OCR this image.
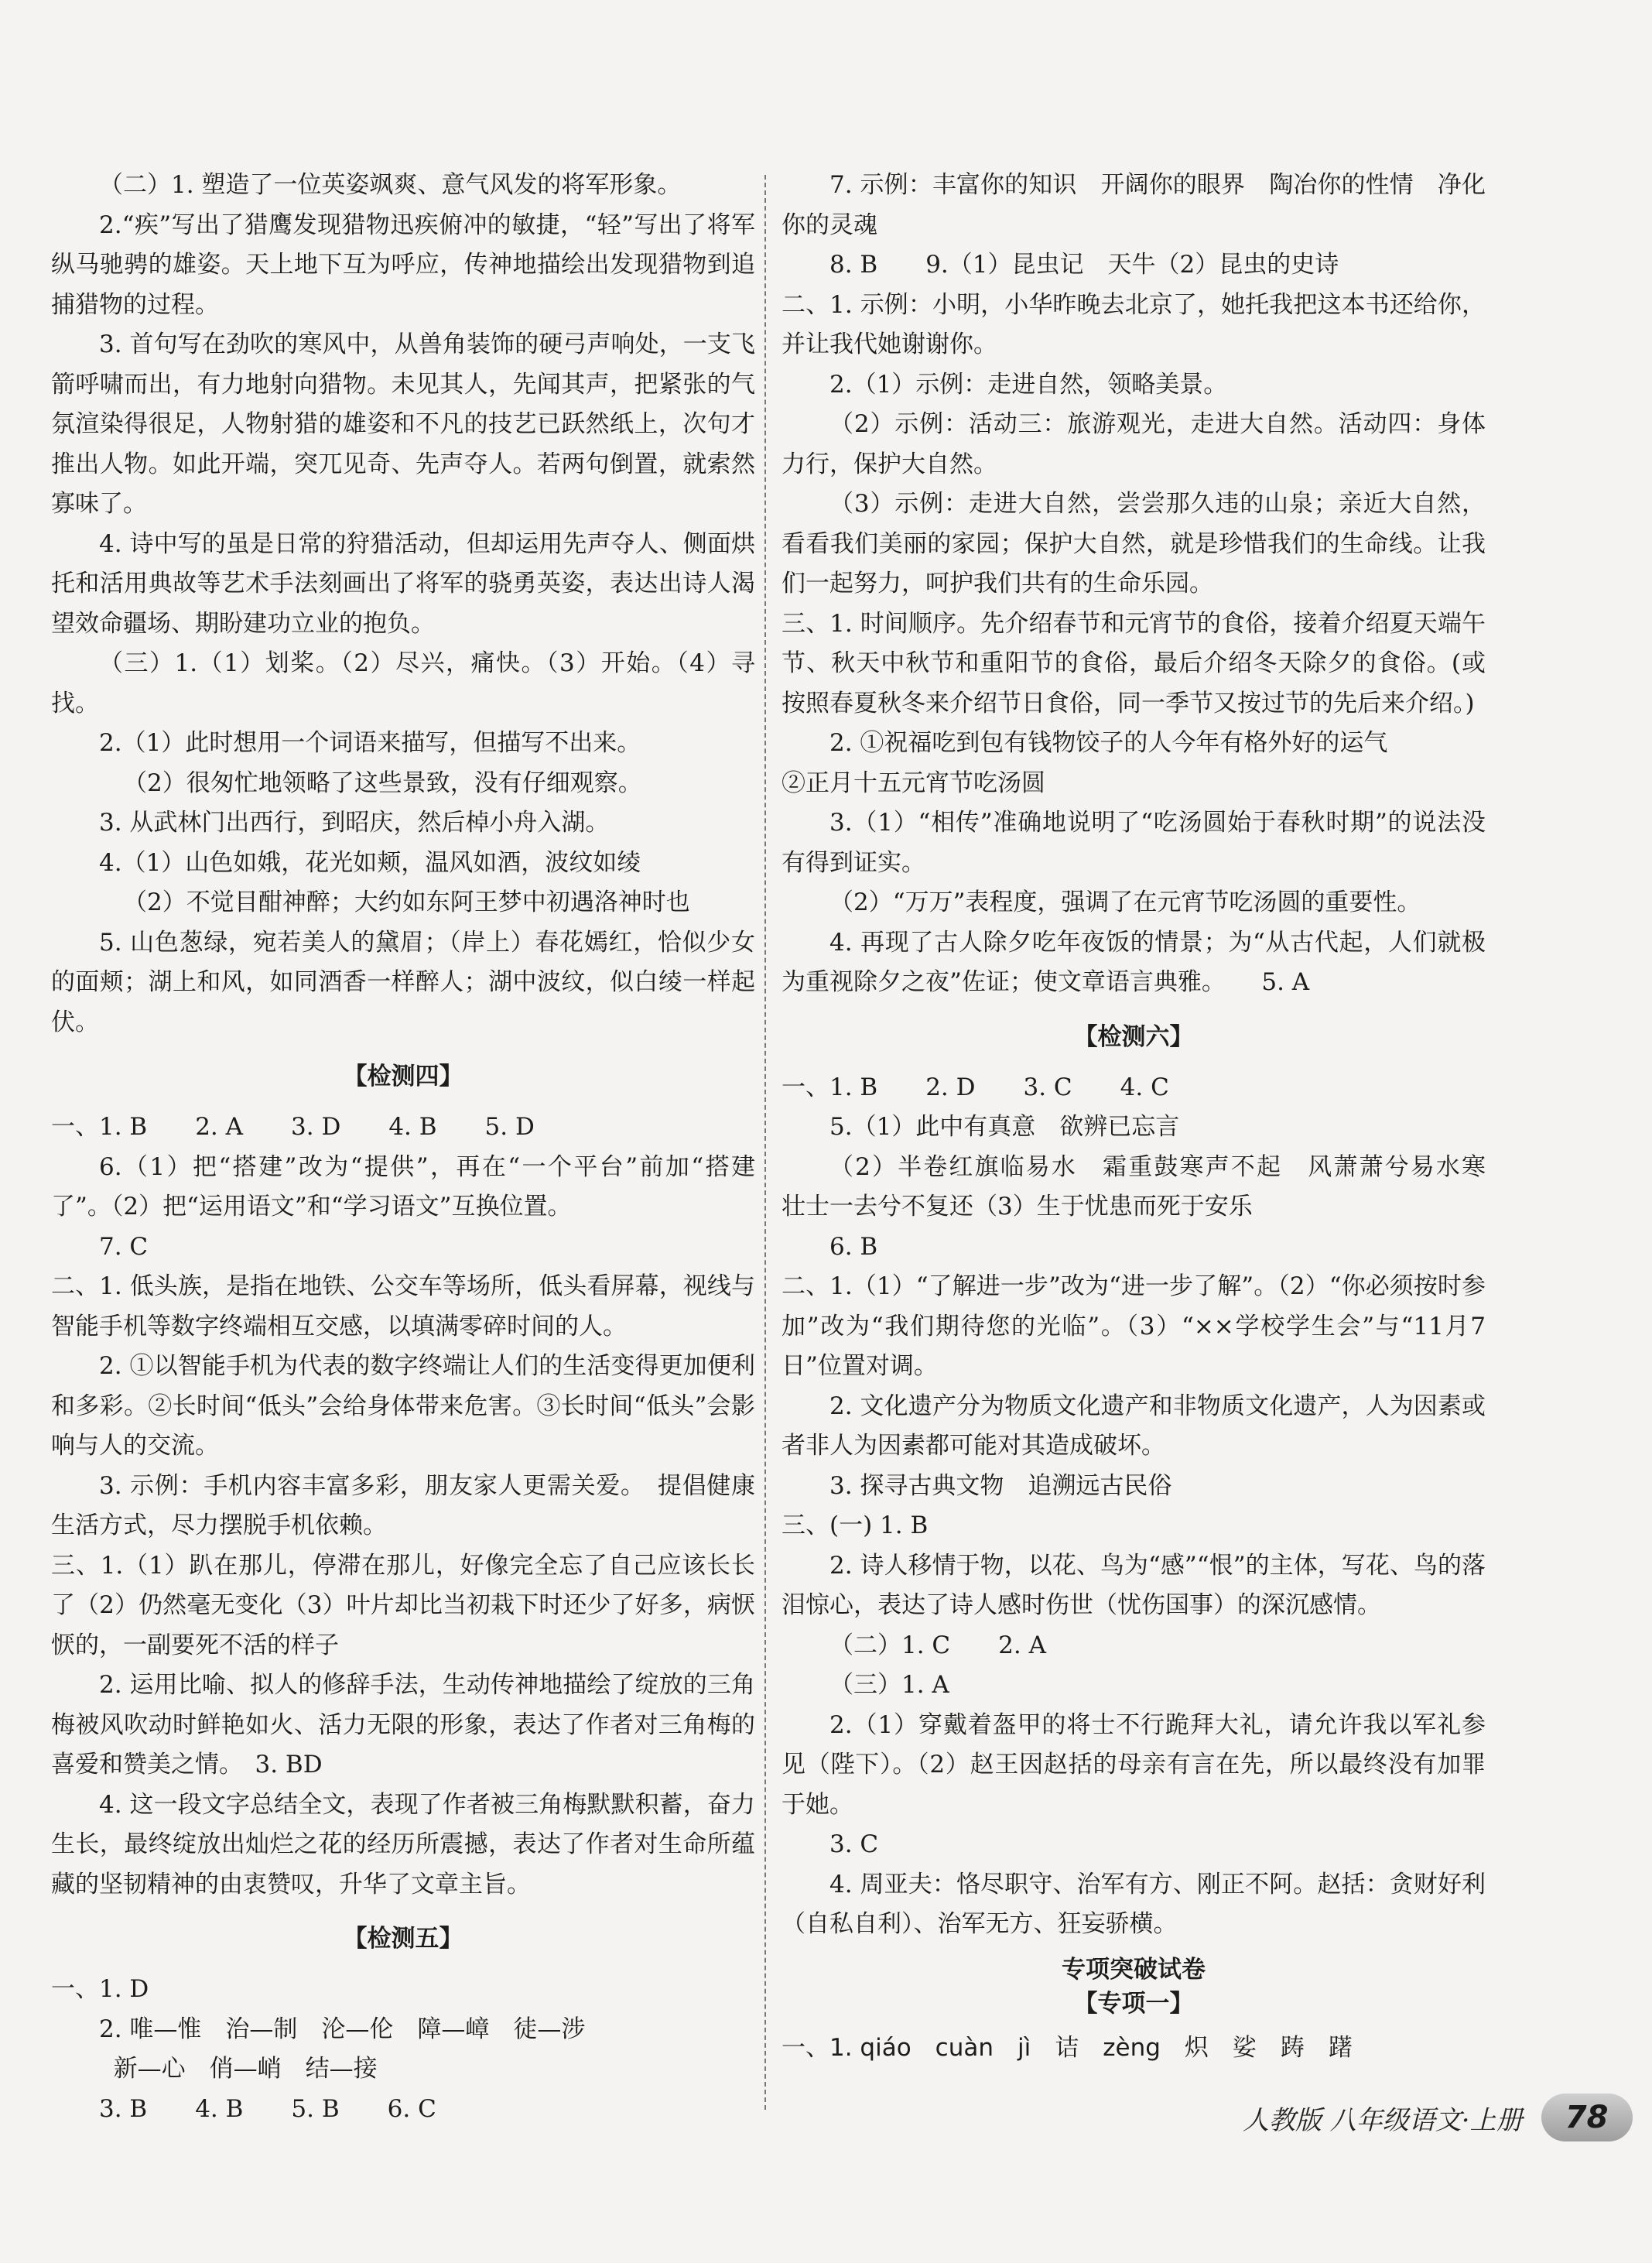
（二）1. 塑造了一位英姿飒爽、意气风发的将军形象。

2.“疾”写出了猎鹰发现猎物迅疾俯冲的敏捷，“轻”写出了将军纵马驰骋的雄姿。天上地下互为呼应，传神地描绘出发现猎物到追捕猎物的过程。

3. 首句写在劲吹的寒风中，从兽角装饰的硬弓声响处，一支飞箭呼啸而出，有力地射向猎物。未见其人，先闻其声，把紧张的气氛渲染得很足，人物射猎的雄姿和不凡的技艺已跃然纸上，次句才推出人物。如此开端，突兀见奇、先声夺人。若两句倒置，就索然寡味了。

4. 诗中写的虽是日常的狩猎活动，但却运用先声夺人、侧面烘托和活用典故等艺术手法刻画出了将军的骁勇英姿，表达出诗人渴望效命疆场、期盼建功立业的抱负。

（三）1.（1）划桨。（2）尽兴，痛快。（3）开始。（4）寻找。

2.（1）此时想用一个词语来描写，但描写不出来。

（2）很匆忙地领略了这些景致，没有仔细观察。

3. 从武林门出西行，到昭庆，然后棹小舟入湖。

4.（1）山色如娥，花光如颊，温风如酒，波纹如绫

（2）不觉目酣神醉；大约如东阿王梦中初遇洛神时也

5. 山色葱绿，宛若美人的黛眉；（岸上）春花嫣红，恰似少女的面颊；湖上和风，如同酒香一样醉人；湖中波纹，似白绫一样起伏。

【检测四】

一、1. B　　2. A　　3. D　　4. B　　5. D

6.（1）把“搭建”改为“提供”，再在“一个平台”前加“搭建了”。（2）把“运用语文”和“学习语文”互换位置。

7. C

二、1. 低头族，是指在地铁、公交车等场所，低头看屏幕，视线与智能手机等数字终端相互交感，以填满零碎时间的人。

2. ①以智能手机为代表的数字终端让人们的生活变得更加便利和多彩。②长时间“低头”会给身体带来危害。③长时间“低头”会影响与人的交流。

3. 示例：手机内容丰富多彩，朋友家人更需关爱。　提倡健康生活方式，尽力摆脱手机依赖。

三、1.（1）趴在那儿，停滞在那儿，好像完全忘了自己应该长长了（2）仍然毫无变化（3）叶片却比当初栽下时还少了好多，病恹恹的，一副要死不活的样子

2. 运用比喻、拟人的修辞手法，生动传神地描绘了绽放的三角梅被风吹动时鲜艳如火、活力无限的形象，表达了作者对三角梅的喜爱和赞美之情。　3. BD

4. 这一段文字总结全文，表现了作者被三角梅默默积蓄，奋力生长，最终绽放出灿烂之花的经历所震撼，表达了作者对生命所蕴藏的坚韧精神的由衷赞叹，升华了文章主旨。

【检测五】

一、1. D

2. 唯—惟　治—制　沦—伦　障—嶂　徒—涉

新—心　俏—峭　结—接

3. B　　4. B　　5. B　　6. C

7. 示例：丰富你的知识　开阔你的眼界　陶冶你的性情　净化你的灵魂

8. B　　9.（1）昆虫记　天牛（2）昆虫的史诗

二、1. 示例：小明，小华昨晚去北京了，她托我把这本书还给你，并让我代她谢谢你。

2.（1）示例：走进自然，领略美景。

（2）示例：活动三：旅游观光，走进大自然。活动四：身体力行，保护大自然。

（3）示例：走进大自然，尝尝那久违的山泉；亲近大自然，看看我们美丽的家园；保护大自然，就是珍惜我们的生命线。让我们一起努力，呵护我们共有的生命乐园。

三、1. 时间顺序。先介绍春节和元宵节的食俗，接着介绍夏天端午节、秋天中秋节和重阳节的食俗，最后介绍冬天除夕的食俗。(或按照春夏秋冬来介绍节日食俗，同一季节又按过节的先后来介绍。)

2. ①祝福吃到包有钱物饺子的人今年有格外好的运气

②正月十五元宵节吃汤圆

3.（1）“相传”准确地说明了“吃汤圆始于春秋时期”的说法没有得到证实。

（2）“万万”表程度，强调了在元宵节吃汤圆的重要性。

4. 再现了古人除夕吃年夜饭的情景；为“从古代起，人们就极为重视除夕之夜”佐证；使文章语言典雅。　　5. A

【检测六】

一、1. B　　2. D　　3. C　　4. C

5.（1）此中有真意　欲辨已忘言

（2）半卷红旗临易水　霜重鼓寒声不起　风萧萧兮易水寒　壮士一去兮不复还（3）生于忧患而死于安乐

6. B

二、1.（1）“了解进一步”改为“进一步了解”。（2）“你必须按时参加”改为“我们期待您的光临”。（3）“××学校学生会”与“11月7日”位置对调。

2. 文化遗产分为物质文化遗产和非物质文化遗产，人为因素或者非人为因素都可能对其造成破坏。

3. 探寻古典文物　追溯远古民俗

三、(一) 1. B

2. 诗人移情于物，以花、鸟为“感”“恨”的主体，写花、鸟的落泪惊心，表达了诗人感时伤世（忧伤国事）的深沉感情。

（二）1. C　　2. A

（三）1. A

2.（1）穿戴着盔甲的将士不行跪拜大礼，请允许我以军礼参见（陛下）。（2）赵王因赵括的母亲有言在先，所以最终没有加罪于她。

3. C

4. 周亚夫：恪尽职守、治军有方、刚正不阿。赵括：贪财好利（自私自利）、治军无方、狂妄骄横。

专项突破试卷
【专项一】

一、1. qiáo　cuàn　jì　诘　zèng　炽　娑　踌　躇

人教版 八年级语文·上册	78
